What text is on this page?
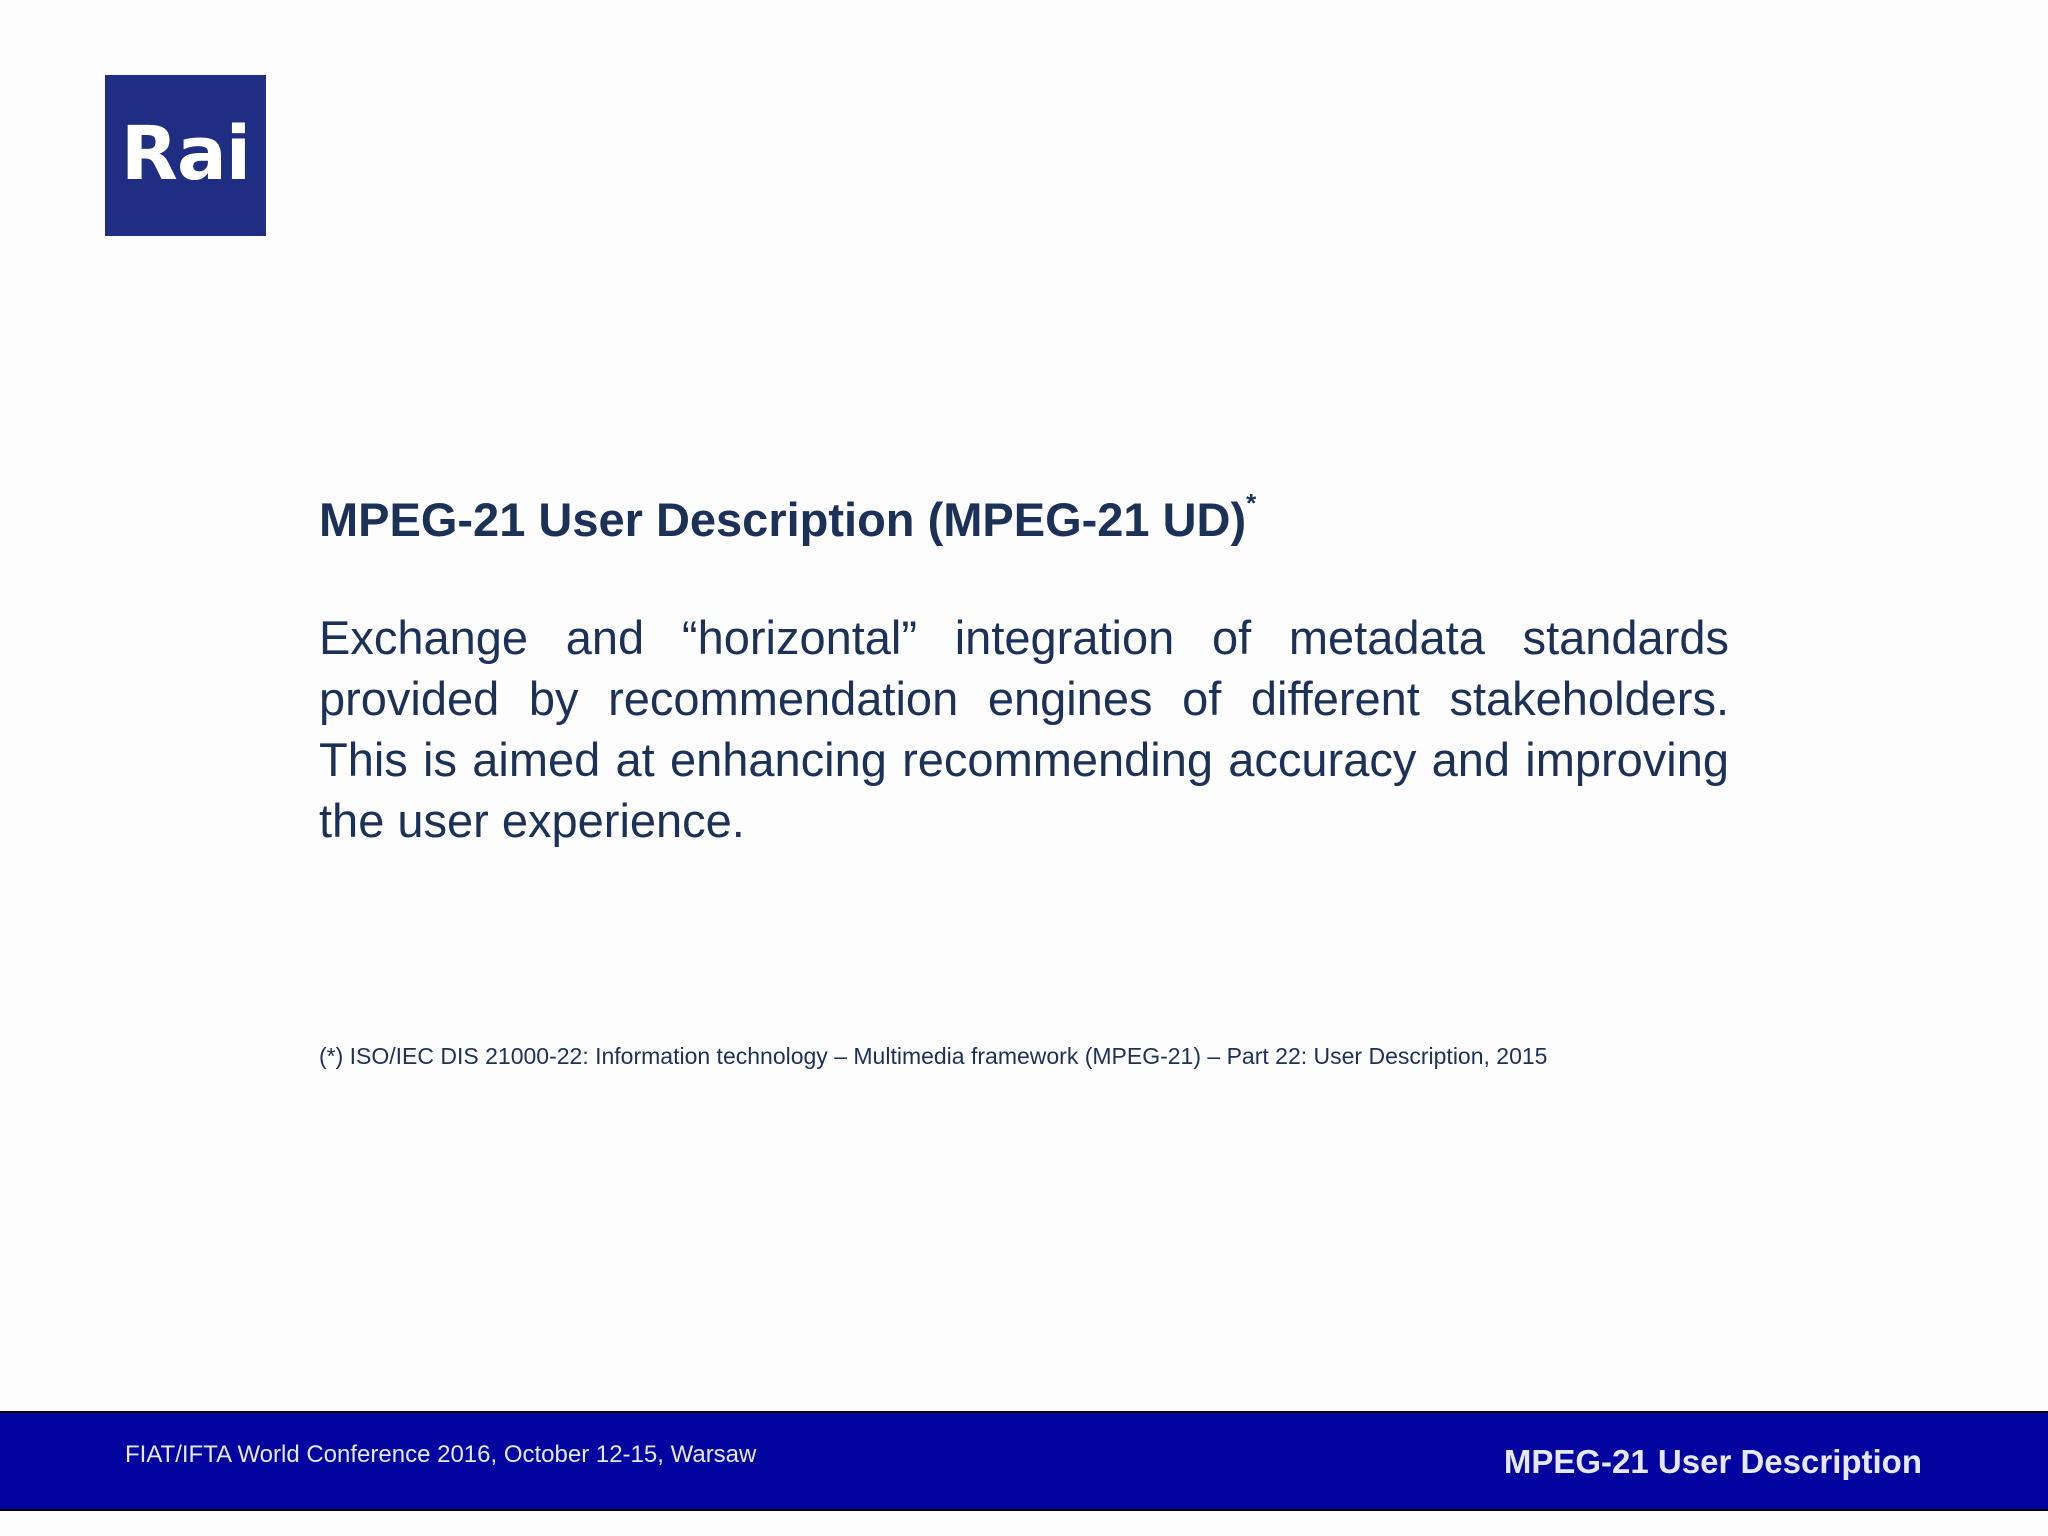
Rai
MPEG-21 User Description (MPEG-21 UD)*

Exchange and “horizontal” integration of metadata standards provided by recommendation engines of different stakeholders. This is aimed at enhancing recommending accuracy and improving the user experience.

(*) ISO/IEC DIS 21000-22: Information technology – Multimedia framework (MPEG-21) – Part 22: User Description, 2015
FIAT/IFTA World Conference 2016, October 12-15, Warsaw	MPEG-21 User Description
